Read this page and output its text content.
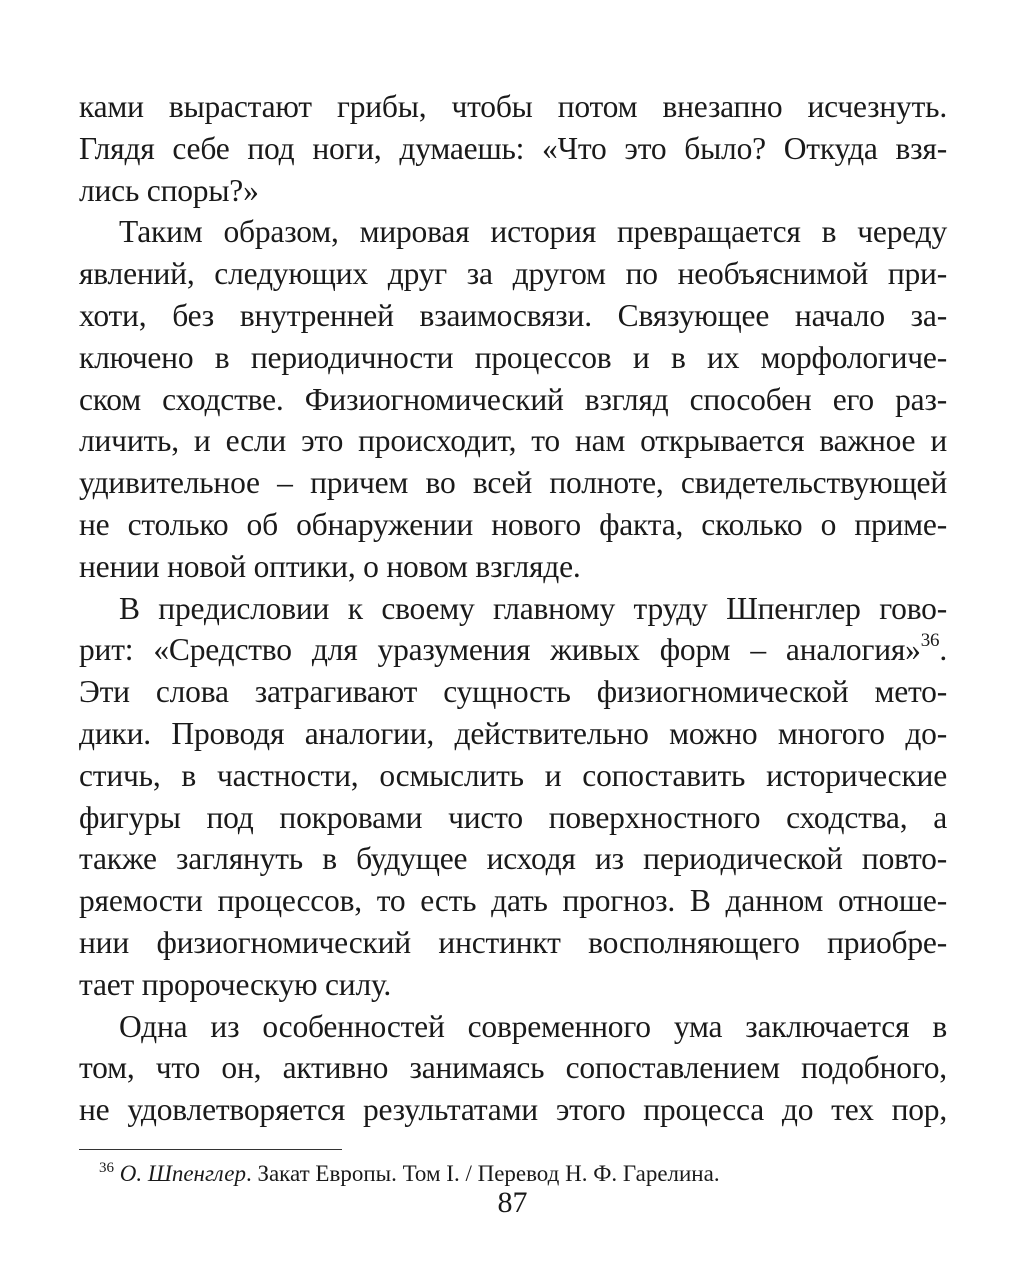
ками вырастают грибы, чтобы потом внезапно исчезнуть.
Глядя себе под ноги, думаешь: «Что это было? Откуда взя-
лись споры?»

Таким образом, мировая история превращается в череду
явлений, следующих друг за другом по необъяснимой при-
хоти, без внутренней взаимосвязи. Связующее начало за-
ключено в периодичности процессов и в их морфологиче-
ском сходстве. Физиогномический взгляд способен его раз-
личить, и если это происходит, то нам открывается важное и
удивительное – причем во всей полноте, свидетельствующей
не столько об обнаружении нового факта, сколько о приме-
нении новой оптики, о новом взгляде.

В предисловии к своему главному труду Шпенглер гово-
рит: «Средство для уразумения живых форм – аналогия»$^{36}$.
Эти слова затрагивают сущность физиогномической мето-
дики. Проводя аналогии, действительно можно многого до-
стичь, в частности, осмыслить и сопоставить исторические
фигуры под покровами чисто поверхностного сходства, а
также заглянуть в будущее исходя из периодической повто-
ряемости процессов, то есть дать прогноз. В данном отноше-
нии физиогномический инстинкт восполняющего приобре-
тает пророческую силу.

Одна из особенностей современного ума заключается в
том, что он, активно занимаясь сопоставлением подобного,
не удовлетворяется результатами этого процесса до тех пор,

$^{36}$ О. Шпенглер. Закат Европы. Том I. / Перевод Н. Ф. Гарелина.
87
